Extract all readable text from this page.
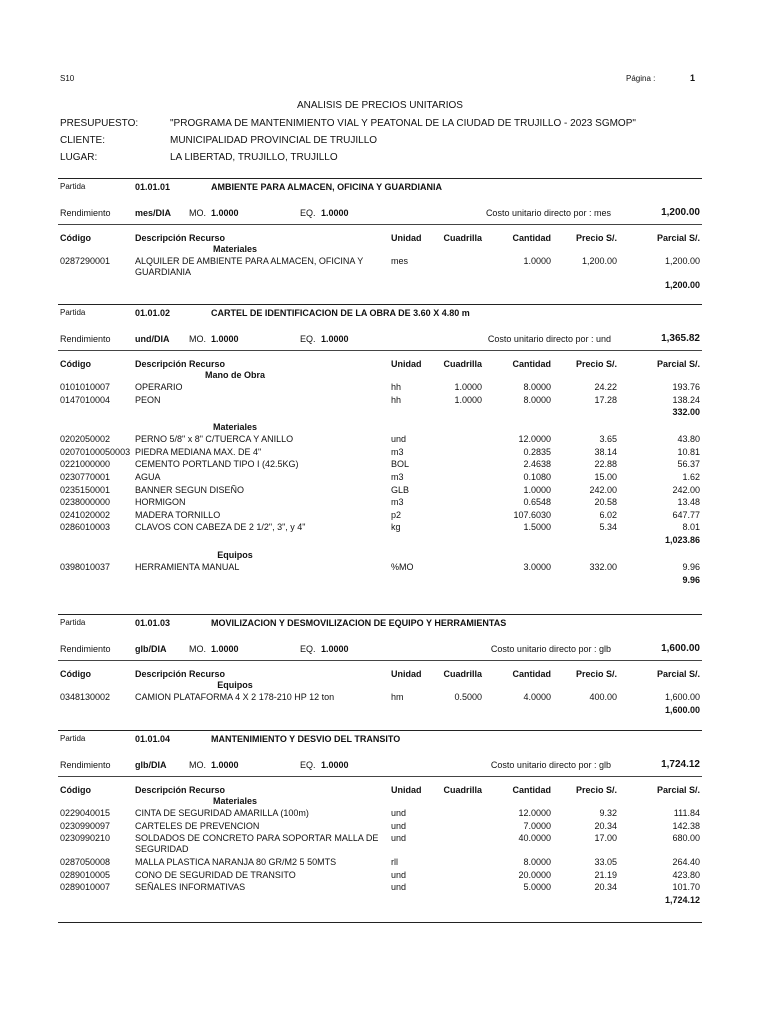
S10	Página :	1
ANALISIS DE PRECIOS UNITARIOS
PRESUPUESTO:	"PROGRAMA DE MANTENIMIENTO VIAL Y PEATONAL DE LA CIUDAD DE TRUJILLO - 2023 SGMOP"
CLIENTE:	MUNICIPALIDAD PROVINCIAL DE TRUJILLO
LUGAR:	LA LIBERTAD, TRUJILLO, TRUJILLO
Partida	01.01.01	AMBIENTE PARA ALMACEN, OFICINA Y GUARDIANIA
Rendimiento	mes/DIA MO. 1.0000	EQ. 1.0000	Costo unitario directo por : mes	1,200.00
Código	Descripción Recurso	Unidad	Cuadrilla	Cantidad	Precio S/.	Parcial S/.
Materiales
0287290001	ALQUILER DE AMBIENTE PARA ALMACEN, OFICINA Y
GUARDIANIA
mes	1.0000	1,200.00	1,200.00
1,200.00
Partida	01.01.02	CARTEL DE IDENTIFICACION DE LA OBRA DE 3.60 X 4.80 m
Rendimiento	und/DIA MO. 1.0000	EQ. 1.0000	Costo unitario directo por : und	1,365.82
Código	Descripción Recurso	Unidad	Cuadrilla	Cantidad	Precio S/.	Parcial S/.
Mano de Obra
0101010007	OPERARIO	hh	1.0000	8.0000	24.22	193.76
0147010004	PEON	hh	1.0000	8.0000	17.28	138.24
332.00
Materiales
0202050002	PERNO 5/8" x 8" C/TUERCA Y ANILLO	und	12.0000	3.65	43.80
02070100050003 PIEDRA MEDIANA MAX. DE 4"	m3	0.2835	38.14	10.81
0221000000	CEMENTO PORTLAND TIPO I (42.5KG)	BOL	2.4638	22.88	56.37
0230770001	AGUA	m3	0.1080	15.00	1.62
0235150001	BANNER SEGUN DISEÑO	GLB	1.0000	242.00	242.00
0238000000	HORMIGON	m3	0.6548	20.58	13.48
0241020002	MADERA TORNILLO	p2	107.6030	6.02	647.77
0286010003	CLAVOS CON CABEZA DE 2 1/2", 3", y 4"	kg	1.5000	5.34	8.01
1,023.86
Equipos
0398010037	HERRAMIENTA MANUAL	%MO	3.0000	332.00	9.96
9.96
Partida	01.01.03	MOVILIZACION Y DESMOVILIZACION DE EQUIPO Y HERRAMIENTAS
Rendimiento	glb/DIA	MO. 1.0000	EQ. 1.0000	Costo unitario directo por : glb	1,600.00
Código	Descripción Recurso	Unidad	Cuadrilla	Cantidad	Precio S/.	Parcial S/.
Equipos
0348130002	CAMION PLATAFORMA 4 X 2 178-210 HP 12 ton	hm	0.5000	4.0000	400.00	1,600.00
1,600.00
Partida	01.01.04	MANTENIMIENTO Y DESVIO DEL TRANSITO
Rendimiento	glb/DIA	MO. 1.0000	EQ. 1.0000	Costo unitario directo por : glb	1,724.12
Código	Descripción Recurso	Unidad	Cuadrilla	Cantidad	Precio S/.	Parcial S/.
Materiales
0229040015	CINTA DE SEGURIDAD AMARILLA (100m)	und	12.0000	9.32	111.84
0230990097	CARTELES DE PREVENCION	und	7.0000	20.34	142.38
0230990210	SOLDADOS DE CONCRETO PARA SOPORTAR MALLA DE
SEGURIDAD
und	40.0000	17.00	680.00
0287050008	MALLA PLASTICA NARANJA 80 GR/M2 5 50MTS	rll	8.0000	33.05	264.40
0289010005	CONO DE SEGURIDAD DE TRANSITO	und	20.0000	21.19	423.80
0289010007	SEÑALES INFORMATIVAS	und	5.0000	20.34	101.70
1,724.12
